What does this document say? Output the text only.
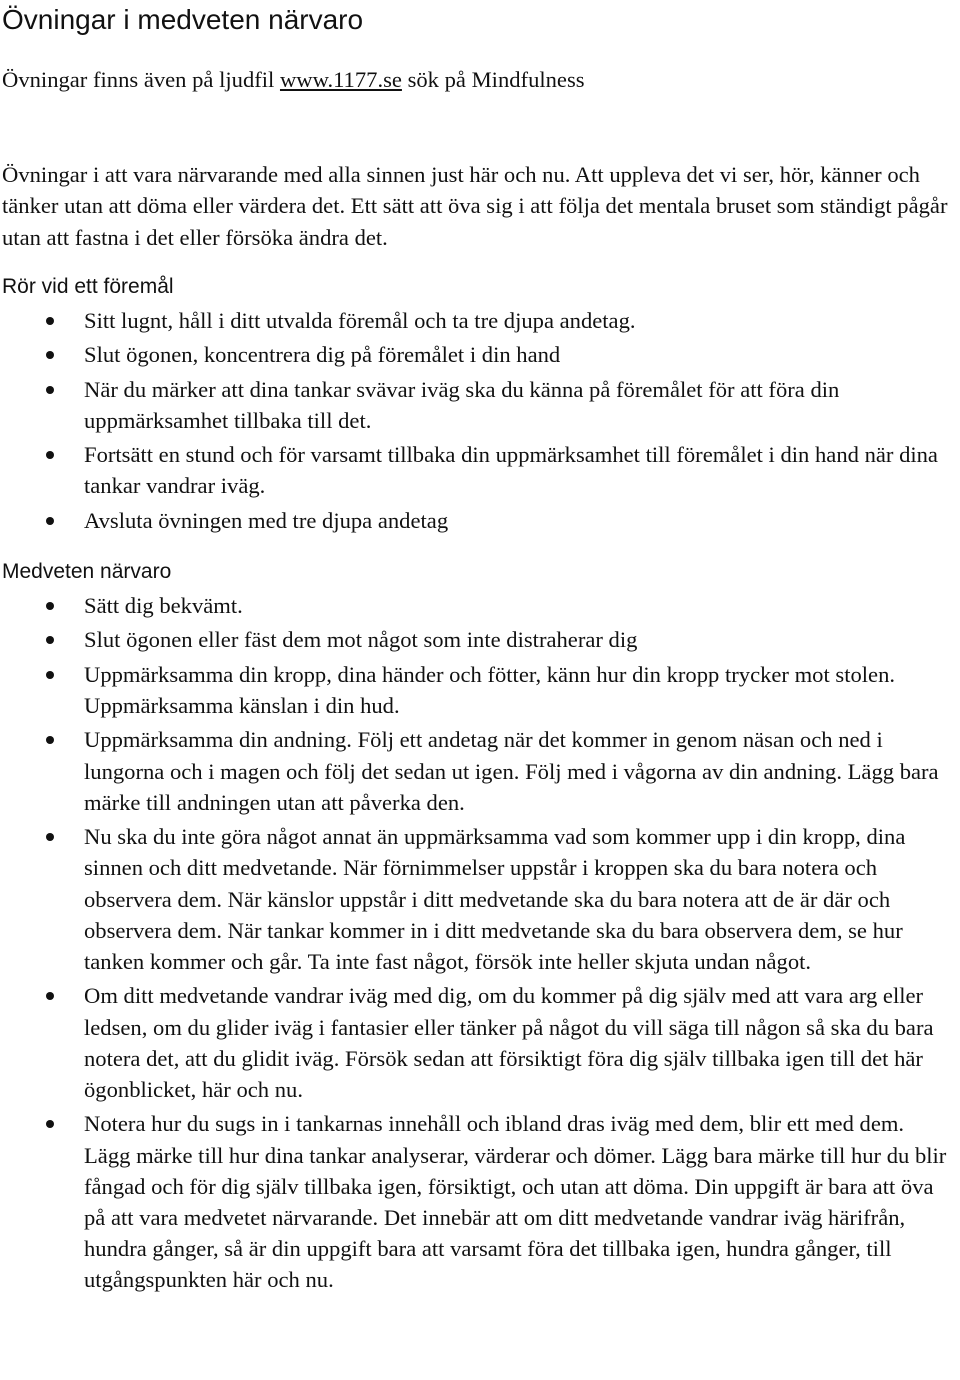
Övningar i medveten närvaro

Övningar finns även på ljudfil www.1177.se sök på Mindfulness

Övningar i att vara närvarande med alla sinnen just här och nu. Att uppleva det vi ser, hör, känner och tänker utan att döma eller värdera det. Ett sätt att öva sig i att följa det mentala bruset som ständigt pågår utan att fastna i det eller försöka ändra det.

Rör vid ett föremål

Sitt lugnt, håll i ditt utvalda föremål och ta tre djupa andetag.
Slut ögonen, koncentrera dig på föremålet i din hand
När du märker att dina tankar svävar iväg ska du känna på föremålet för att föra din uppmärksamhet tillbaka till det.
Fortsätt en stund och för varsamt tillbaka din uppmärksamhet till föremålet i din hand när dina tankar vandrar iväg.
Avsluta övningen med tre djupa andetag

Medveten närvaro

Sätt dig bekvämt.
Slut ögonen eller fäst dem mot något som inte distraherar dig
Uppmärksamma din kropp, dina händer och fötter, känn hur din kropp trycker mot stolen. Uppmärksamma känslan i din hud.
Uppmärksamma din andning. Följ ett andetag när det kommer in genom näsan och ned i lungorna och i magen och följ det sedan ut igen. Följ med i vågorna av din andning. Lägg bara märke till andningen utan att påverka den.
Nu ska du inte göra något annat än uppmärksamma vad som kommer upp i din kropp, dina sinnen och ditt medvetande. När förnimmelser uppstår i kroppen ska du bara notera och observera dem. När känslor uppstår i ditt medvetande ska du bara notera att de är där och observera dem. När tankar kommer in i ditt medvetande ska du bara observera dem, se hur tanken kommer och går. Ta inte fast något, försök inte heller skjuta undan något.
Om ditt medvetande vandrar iväg med dig, om du kommer på dig själv med att vara arg eller ledsen, om du glider iväg i fantasier eller tänker på något du vill säga till någon så ska du bara notera det, att du glidit iväg. Försök sedan att försiktigt föra dig själv tillbaka igen till det här ögonblicket, här och nu.
Notera hur du sugs in i tankarnas innehåll och ibland dras iväg med dem, blir ett med dem. Lägg märke till hur dina tankar analyserar, värderar och dömer. Lägg bara märke till hur du blir fångad och för dig själv tillbaka igen, försiktigt, och utan att döma. Din uppgift är bara att öva på att vara medvetet närvarande. Det innebär att om ditt medvetande vandrar iväg härifrån, hundra gånger, så är din uppgift bara att varsamt föra det tillbaka igen, hundra gånger, till utgångspunkten här och nu.
